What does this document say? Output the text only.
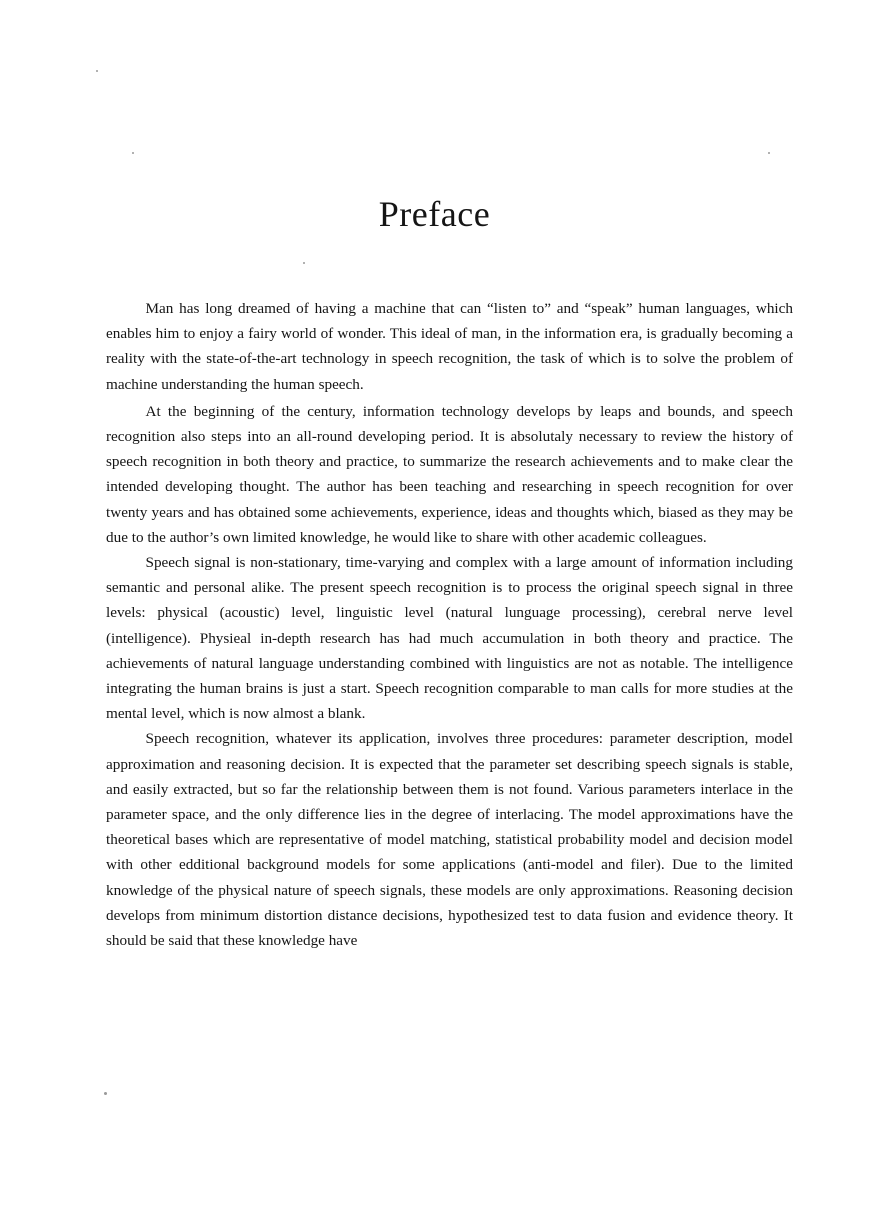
Preface

Man has long dreamed of having a machine that can “listen to” and “speak” human languages, which enables him to enjoy a fairy world of wonder. This ideal of man, in the information era, is gradually becoming a reality with the state-of-the-art technology in speech recognition, the task of which is to solve the problem of machine understanding the human speech.

At the beginning of the century, information technology develops by leaps and bounds, and speech recognition also steps into an all-round developing period. It is absolutaly necessary to review the history of speech recognition in both theory and practice, to summarize the research achievements and to make clear the intended developing thought. The author has been teaching and researching in speech recognition for over twenty years and has obtained some achievements, experience, ideas and thoughts which, biased as they may be due to the author’s own limited knowledge, he would like to share with other academic colleagues.

Speech signal is non-stationary, time-varying and complex with a large amount of information including semantic and personal alike. The present speech recognition is to process the original speech signal in three levels: physical (acoustic) level, linguistic level (natural lunguage processing), cerebral nerve level (intelligence). Physieal in-depth research has had much accumulation in both theory and practice. The achievements of natural language understanding combined with linguistics are not as notable. The intelligence integrating the human brains is just a start. Speech recognition comparable to man calls for more studies at the mental level, which is now almost a blank.

Speech recognition, whatever its application, involves three procedures: parameter description, model approximation and reasoning decision. It is expected that the parameter set describing speech signals is stable, and easily extracted, but so far the relationship between them is not found. Various parameters interlace in the parameter space, and the only difference lies in the degree of interlacing. The model approximations have the theoretical bases which are representative of model matching, statistical probability model and decision model with other edditional background models for some applications (anti-model and filer). Due to the limited knowledge of the physical nature of speech signals, these models are only approximations. Reasoning decision develops from minimum distortion distance decisions, hypothesized test to data fusion and evidence theory. It should be said that these knowledge have
